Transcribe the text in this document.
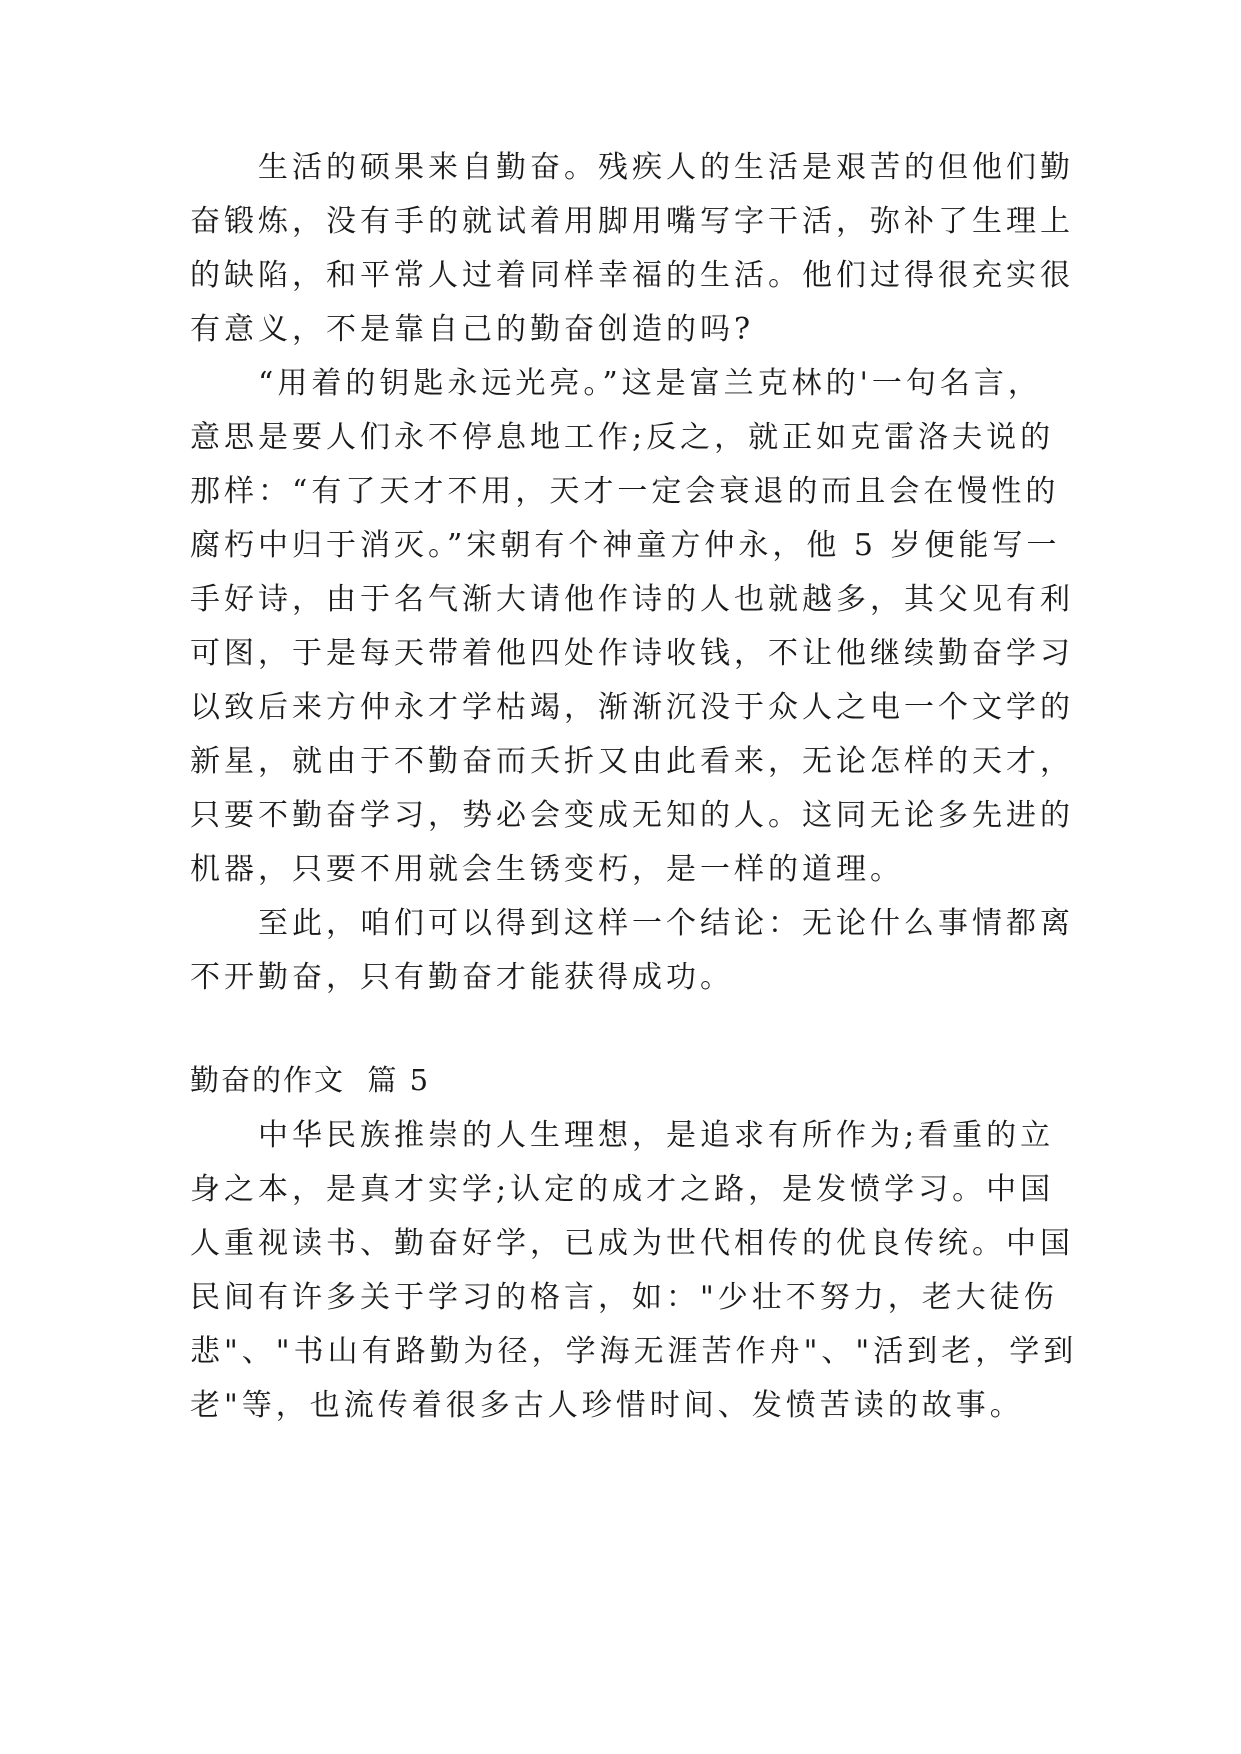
生活的硕果来自勤奋。残疾人的生活是艰苦的但他们勤
奋锻炼，没有手的就试着用脚用嘴写字干活，弥补了生理上
的缺陷，和平常人过着同样幸福的生活。他们过得很充实很
有意义，不是靠自己的勤奋创造的吗?
“用着的钥匙永远光亮。”这是富兰克林的'一句名言，
意思是要人们永不停息地工作;反之，就正如克雷洛夫说的
那样：“有了天才不用，天才一定会衰退的而且会在慢性的
腐朽中归于消灭。”宋朝有个神童方仲永，他 5 岁便能写一
手好诗，由于名气渐大请他作诗的人也就越多，其父见有利
可图，于是每天带着他四处作诗收钱，不让他继续勤奋学习
以致后来方仲永才学枯竭，渐渐沉没于众人之电一个文学的
新星，就由于不勤奋而夭折又由此看来，无论怎样的天才，
只要不勤奋学习，势必会变成无知的人。这同无论多先进的
机器，只要不用就会生锈变朽，是一样的道理。
至此，咱们可以得到这样一个结论：无论什么事情都离
不开勤奋，只有勤奋才能获得成功。
勤奋的作文  篇 5
中华民族推崇的人生理想，是追求有所作为;看重的立
身之本，是真才实学;认定的成才之路，是发愤学习。中国
人重视读书、勤奋好学，已成为世代相传的优良传统。中国
民间有许多关于学习的格言，如："少壮不努力，老大徒伤
悲"、"书山有路勤为径，学海无涯苦作舟"、"活到老，学到
老"等，也流传着很多古人珍惜时间、发愤苦读的故事。
